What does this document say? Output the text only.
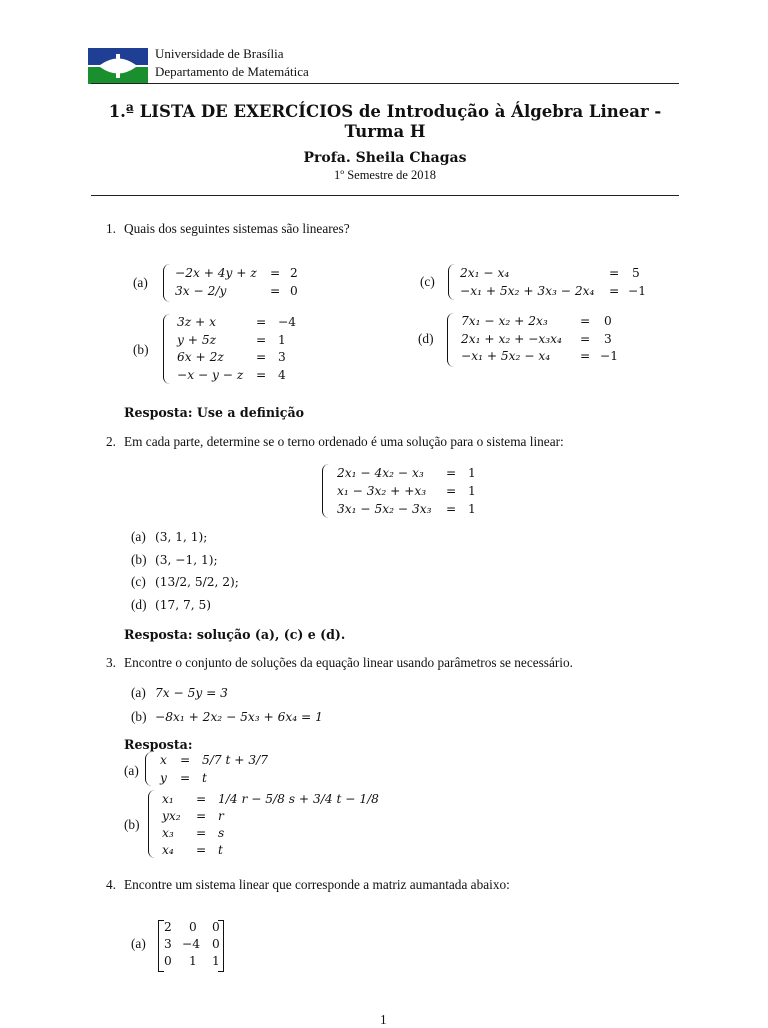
Universidade de Brasília
Departamento de Matemática
1.ª LISTA DE EXERCÍCIOS de Introdução à Álgebra Linear -
Turma H
Profa. Sheila Chagas
1º Semestre de 2018
1. Quais dos seguintes sistemas são lineares?
(a)
−2x + 4y + z = 2
3x − 2/y	= 0
(b)
3z + x	= −4
y + 5z	= 1
6x + 2z	= 3
−x − y − z = 4
(c)
2x₁ − x₄	= 5
−x₁ + 5x₂ + 3x₃ − 2x₄ = −1
(d)
7x₁ − x₂ + 2x₃	= 0
2x₁ + x₂ + −x₃x₄ = 3
−x₁ + 5x₂ − x₄ = −1
Resposta: Use a definição
2. Em cada parte, determine se o terno ordenado é uma solução para o sistema linear:
2x₁ − 4x₂ − x₃ = 1
x₁ − 3x₂ + +x₃ = 1
3x₁ − 5x₂ − 3x₃ = 1
(a) (3, 1, 1);
(b) (3, −1, 1);
(c) (13/2, 5/2, 2);
(d) (17, 7, 5)
Resposta: solução (a), (c) e (d).
3. Encontre o conjunto de soluções da equação linear usando parâmetros se necessário.
(a) 7x − 5y = 3
(b) −8x₁ + 2x₂ − 5x₃ + 6x₄ = 1
Resposta:
(a)
x = 5/7 t + 3/7
y = t
(b)
x₁ = 1/4 r − 5/8 s + 3/4 t − 1/8
yx₂ = r
x₃ = s
x₄ = t
4. Encontre um sistema linear que corresponde a matriz aumantada abaixo:
(a)
2 0 0
3 −4 0
0 1 1
1
